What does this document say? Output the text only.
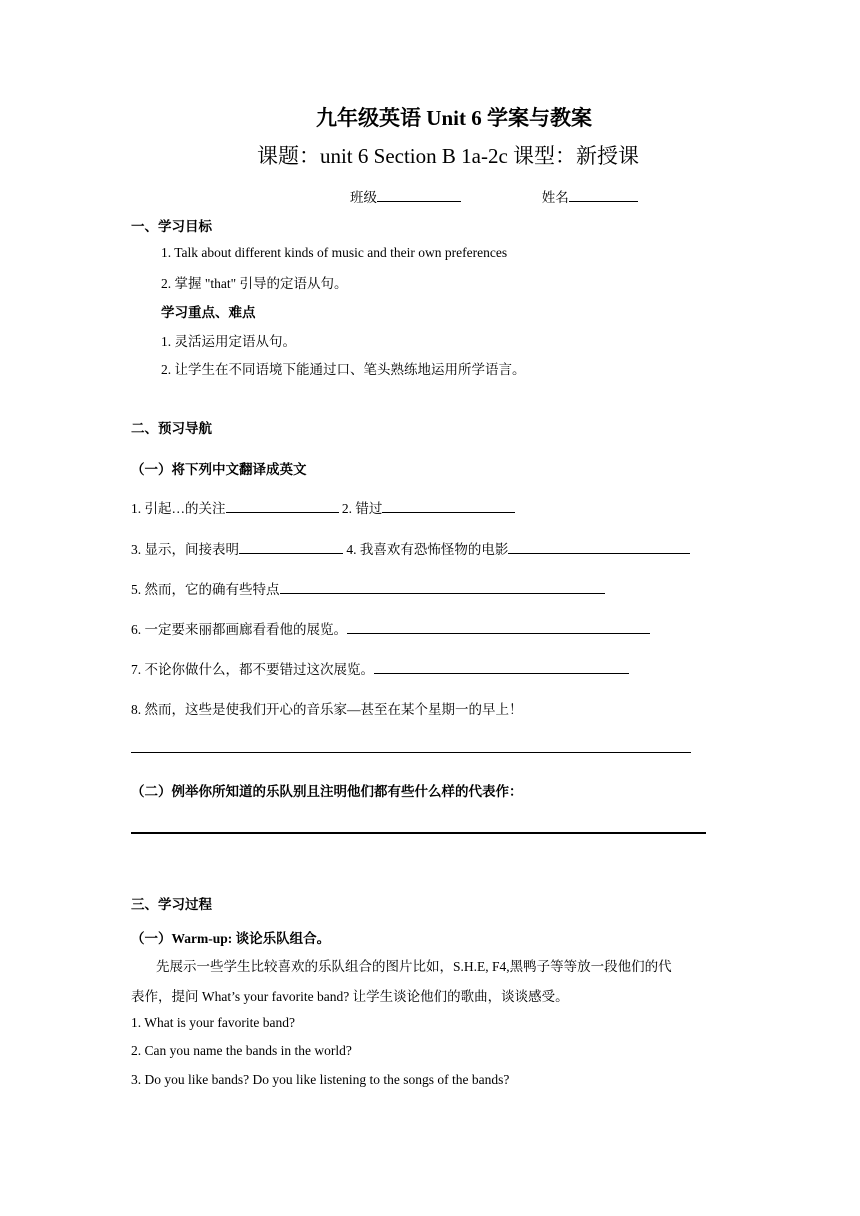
九年级英语 Unit 6 学案与教案
课题：unit 6 Section B 1a-2c 课型：新授课
班级	姓名
一、学习目标
1. Talk about different kinds of music and their own preferences
2. 掌握 "that" 引导的定语从句。
学习重点、难点
1. 灵活运用定语从句。
2. 让学生在不同语境下能通过口、笔头熟练地运用所学语言。
二、预习导航
（一）将下列中文翻译成英文
1. 引起…的关注	2. 错过
3. 显示，间接表明	4. 我喜欢有恐怖怪物的电影
5. 然而，它的确有些特点
6. 一定要来丽都画廊看看他的展览。
7. 不论你做什么，都不要错过这次展览。
8. 然而，这些是使我们开心的音乐家—甚至在某个星期一的早上！
（二）例举你所知道的乐队别且注明他们都有些什么样的代表作：
三、学习过程
（一）Warm-up: 谈论乐队组合。
先展示一些学生比较喜欢的乐队组合的图片比如，S.H.E, F4,黑鸭子等等放一段他们的代
表作，提问 What’s your favorite band? 让学生谈论他们的歌曲，谈谈感受。
1. What is your favorite band?
2. Can you name the bands in the world?
3. Do you like bands? Do you like listening to the songs of the bands?
